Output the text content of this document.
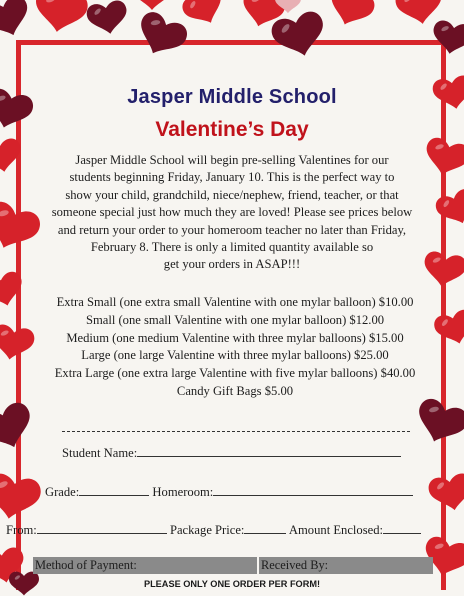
Jasper Middle School
Valentine’s Day
Jasper Middle School will begin pre-selling Valentines for our
students beginning Friday, January 10. This is the perfect way to
show your child, grandchild, niece/nephew, friend, teacher, or that
someone special just how much they are loved! Please see prices below
and return your order to your homeroom teacher no later than Friday,
February 8. There is only a limited quantity available so
get your orders in ASAP!!!
Extra Small (one extra small Valentine with one mylar balloon) $10.00
Small (one small Valentine with one mylar balloon) $12.00
Medium (one medium Valentine with three mylar balloons) $15.00
Large (one large Valentine with three mylar balloons) $25.00
Extra Large (one extra large Valentine with five mylar balloons) $40.00
Candy Gift Bags $5.00
Student Name:
Grade:	Homeroom:
From:	Package Price:	Amount Enclosed:
Method of Payment:	Received By:
PLEASE ONLY ONE ORDER PER FORM!
